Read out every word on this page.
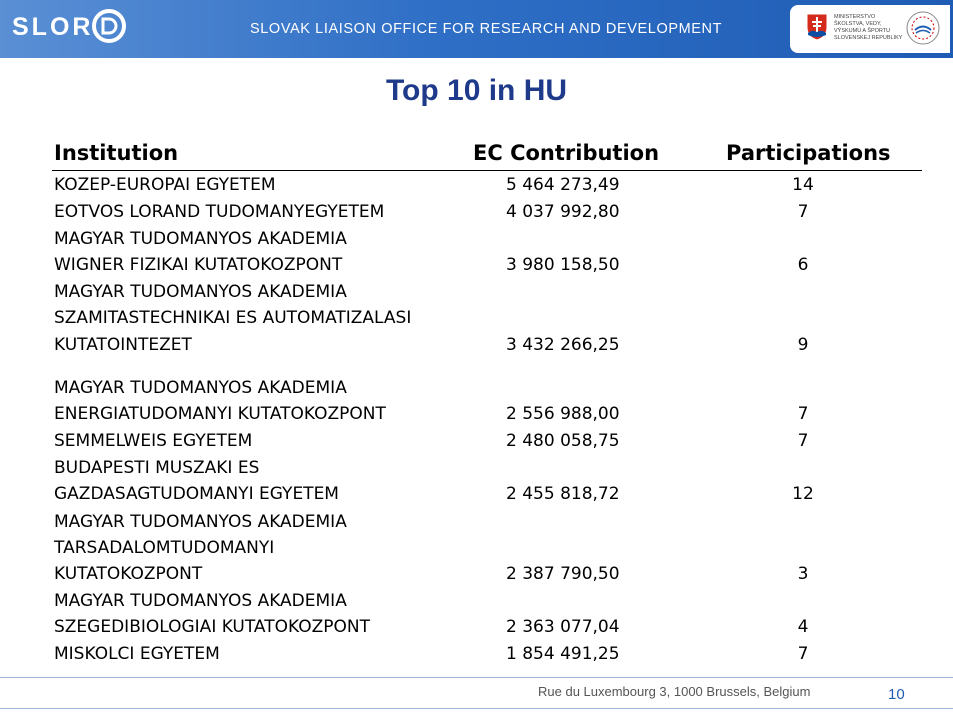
SLOR	SLOVAK LIAISON OFFICE FOR RESEARCH AND DEVELOPMENT
MINISTERSTVO ŠKOLSTVA, VEDY, VÝSKUMU A ŠPORTU SLOVENSKEJ REPUBLIKY
Top 10 in HU
Institution	EC Contribution	Participations
KOZEP-EUROPAI EGYETEM	5 464 273,49	14
EOTVOS LORAND TUDOMANYEGYETEM	4 037 992,80	7
MAGYAR TUDOMANYOS AKADEMIA
WIGNER FIZIKAI KUTATOKOZPONT	3 980 158,50	6
MAGYAR TUDOMANYOS AKADEMIA
SZAMITASTECHNIKAI ES AUTOMATIZALASI
KUTATOINTEZET	3 432 266,25	9
MAGYAR TUDOMANYOS AKADEMIA
ENERGIATUDOMANYI KUTATOKOZPONT	2 556 988,00	7
SEMMELWEIS EGYETEM	2 480 058,75	7
BUDAPESTI MUSZAKI ES
GAZDASAGTUDOMANYI EGYETEM	2 455 818,72	12
MAGYAR TUDOMANYOS AKADEMIA
TARSADALOMTUDOMANYI
KUTATOKOZPONT	2 387 790,50	3
MAGYAR TUDOMANYOS AKADEMIA
SZEGEDIBIOLOGIAI KUTATOKOZPONT	2 363 077,04	4
MISKOLCI EGYETEM	1 854 491,25	7
Rue du Luxembourg 3, 1000 Brussels, Belgium	10
